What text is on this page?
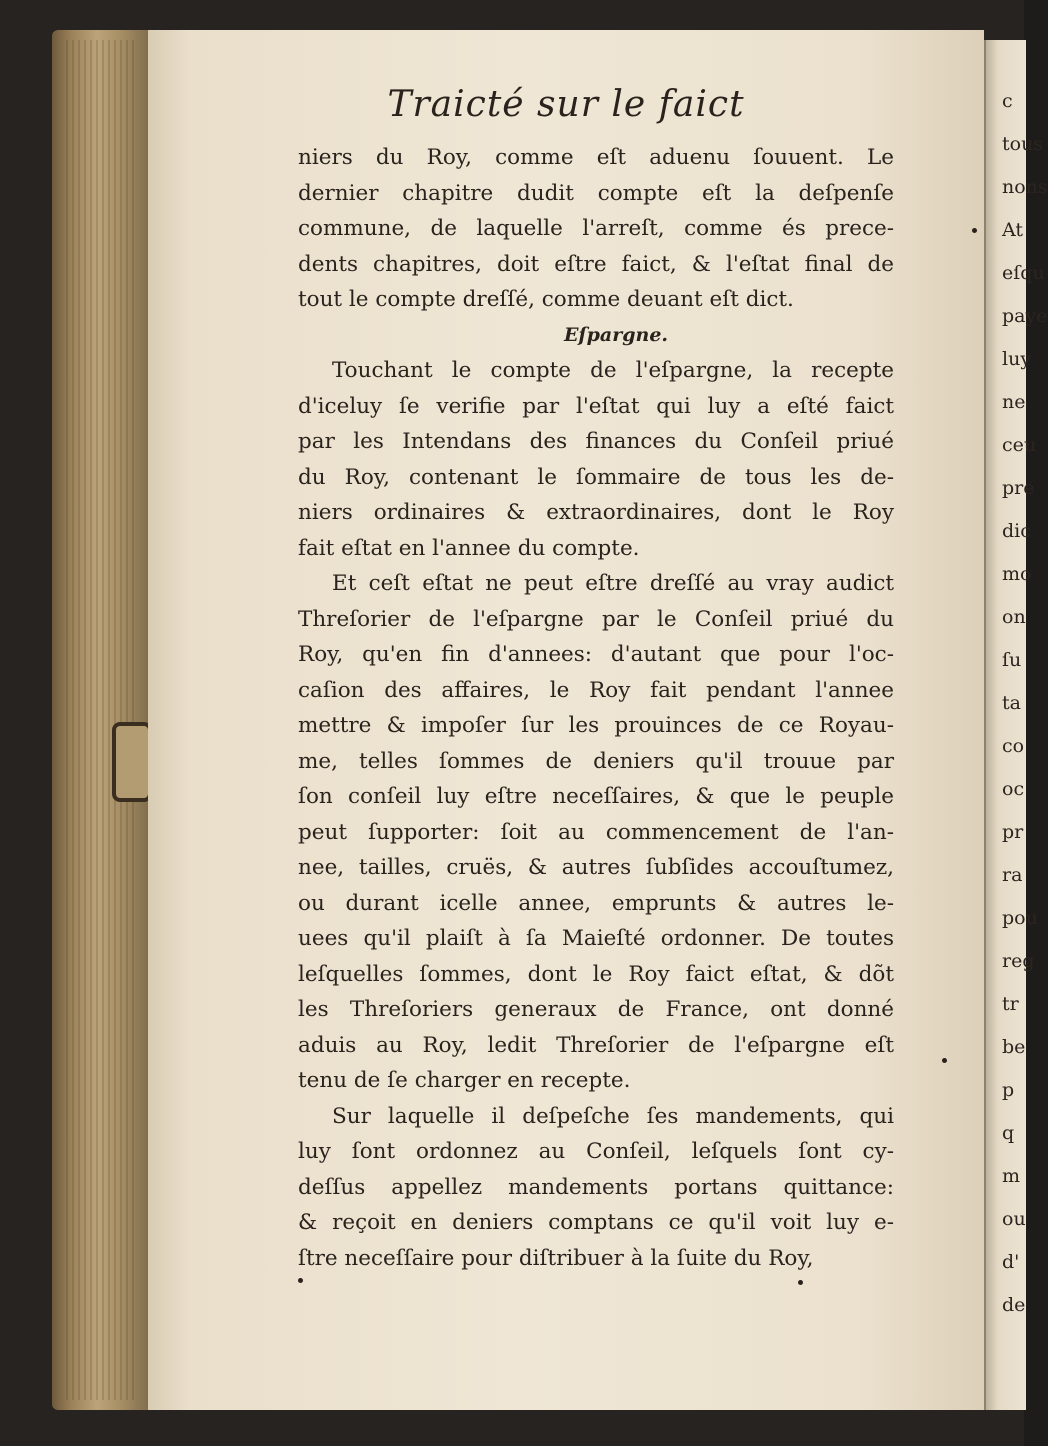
c
tous
nons
At
eſqu
paye
luy
ne
ceu
pre
dic
mo
on
ſu
ta
co
oc
pr
ra
pou
reg
tr
be
p
q
m
ou
d'
de
Traicté sur le faict
niers du Roy, comme eſt aduenu ſouuent. Le
dernier chapitre dudit compte eſt la deſpenſe
commune, de laquelle l'arreſt, comme és prece-
dents chapitres, doit eſtre faict, & l'eſtat final de
tout le compte dreſſé, comme deuant eſt dict.
Eſpargne.
Touchant le compte de l'eſpargne, la recepte
d'iceluy ſe verifie par l'eſtat qui luy a eſté faict
par les Intendans des finances du Conſeil priué
du Roy, contenant le ſommaire de tous les de-
niers ordinaires & extraordinaires, dont le Roy
fait eſtat en l'annee du compte.
Et ceſt eſtat ne peut eſtre dreſſé au vray audict
Threſorier de l'eſpargne par le Conſeil priué du
Roy, qu'en fin d'annees: d'autant que pour l'oc-
caſion des affaires, le Roy fait pendant l'annee
mettre & impoſer ſur les prouinces de ce Royau-
me, telles ſommes de deniers qu'il trouue par
ſon conſeil luy eſtre neceſſaires, & que le peuple
peut ſupporter: ſoit au commencement de l'an-
nee, tailles, cruës, & autres ſubſides accouſtumez,
ou durant icelle annee, emprunts & autres le-
uees qu'il plaiſt à ſa Maieſté ordonner. De toutes
leſquelles ſommes, dont le Roy faict eſtat, & dõt
les Threſoriers generaux de France, ont donné
aduis au Roy, ledit Threſorier de l'eſpargne eſt
tenu de ſe charger en recepte.
Sur laquelle il deſpeſche ſes mandements, qui
luy ſont ordonnez au Conſeil, leſquels ſont cy-
deſſus appellez mandements portans quittance:
& reçoit en deniers comptans ce qu'il voit luy e-
ſtre neceſſaire pour diſtribuer à la ſuite du Roy,
